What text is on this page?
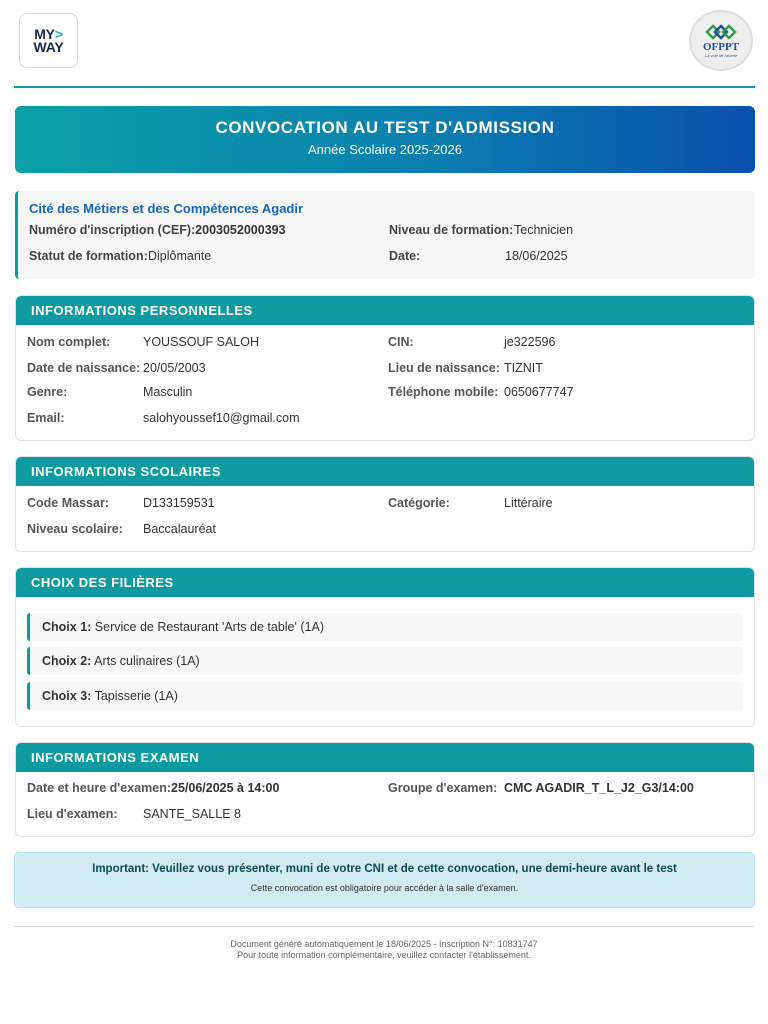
MY>
WAY	OFPPT
La voie de l'avenir
CONVOCATION AU TEST D'ADMISSION
Année Scolaire 2025-2026
Cité des Métiers et des Compétences Agadir
Numéro d'inscription (CEF):2003052000393	Niveau de formation: Technicien
Statut de formation: Diplômante	Date:	18/06/2025
INFORMATIONS PERSONNELLES
Nom complet:	YOUSSOUF SALOH	CIN:	je322596
Date de naissance: 20/05/2003	Lieu de naissance: TIZNIT
Genre:	Masculin	Téléphone mobile: 0650677747
Email:	salohyoussef10@gmail.com
INFORMATIONS SCOLAIRES
Code Massar:	D133159531	Catégorie:	Littéraire
Niveau scolaire: Baccalauréat
CHOIX DES FILIÈRES
Choix 1: Service de Restaurant 'Arts de table' (1A)
Choix 2: Arts culinaires (1A)
Choix 3: Tapisserie (1A)
INFORMATIONS EXAMEN
Date et heure d'examen:25/06/2025 à 14:00	Groupe d'examen: CMC AGADIR_T_L_J2_G3/14:00
Lieu d'examen: SANTE_SALLE 8
Important: Veuillez vous présenter, muni de votre CNI et de cette convocation, une demi-heure avant le test
Cette convocation est obligatoire pour accéder à la salle d'examen.
Document généré automatiquement le 18/06/2025 - Inscription N°: 10831747
Pour toute information complémentaire, veuillez contacter l'établissement.
